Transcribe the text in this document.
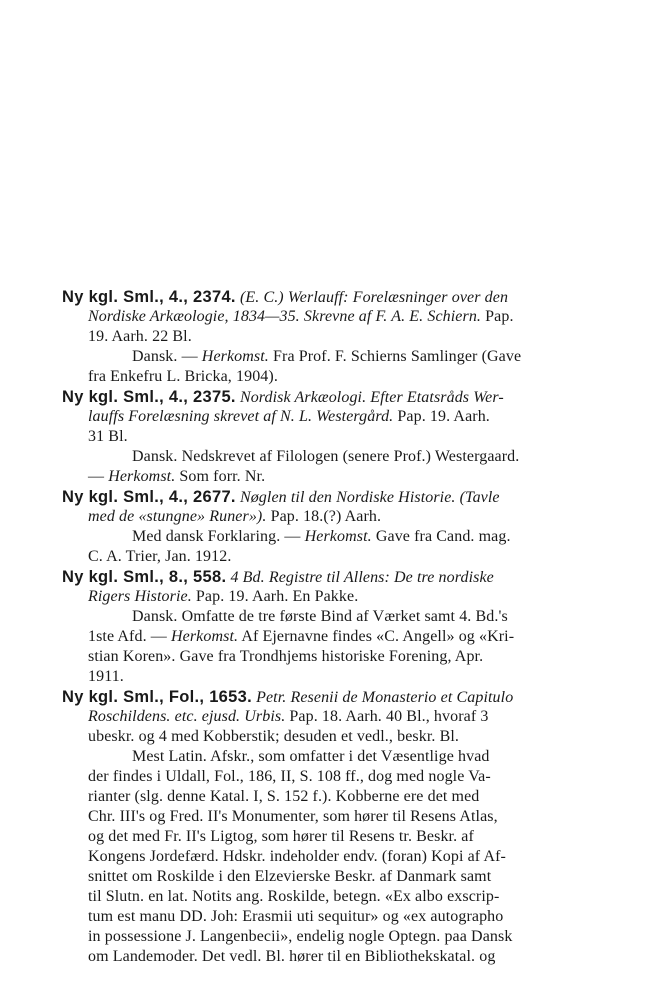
Ny kgl. Sml., 4., 2374. (E. C.) Werlauff: Forelæsninger over den
Nordiske Arkæologie, 1834—35. Skrevne af F. A. E. Schiern. Pap.
19. Aarh. 22 Bl.
Dansk. — Herkomst. Fra Prof. F. Schierns Samlinger (Gave
fra Enkefru L. Bricka, 1904).
Ny kgl. Sml., 4., 2375. Nordisk Arkæologi. Efter Etatsråds Wer-
lauffs Forelæsning skrevet af N. L. Westergård. Pap. 19. Aarh.
31 Bl.
Dansk. Nedskrevet af Filologen (senere Prof.) Westergaard.
— Herkomst. Som forr. Nr.
Ny kgl. Sml., 4., 2677. Nøglen til den Nordiske Historie. (Tavle
med de «stungne» Runer»). Pap. 18.(?) Aarh.
Med dansk Forklaring. — Herkomst. Gave fra Cand. mag.
C. A. Trier, Jan. 1912.
Ny kgl. Sml., 8., 558. 4 Bd. Registre til Allens: De tre nordiske
Rigers Historie. Pap. 19. Aarh. En Pakke.
Dansk. Omfatte de tre første Bind af Værket samt 4. Bd.'s
1ste Afd. — Herkomst. Af Ejernavne findes «C. Angell» og «Kri-
stian Koren». Gave fra Trondhjems historiske Forening, Apr.
1911.
Ny kgl. Sml., Fol., 1653. Petr. Resenii de Monasterio et Capitulo
Roschildens. etc. ejusd. Urbis. Pap. 18. Aarh. 40 Bl., hvoraf 3
ubeskr. og 4 med Kobberstik; desuden et vedl., beskr. Bl.
Mest Latin. Afskr., som omfatter i det Væsentlige hvad
der findes i Uldall, Fol., 186, II, S. 108 ff., dog med nogle Va-
rianter (slg. denne Katal. I, S. 152 f.). Kobberne ere det med
Chr. III's og Fred. II's Monumenter, som hører til Resens Atlas,
og det med Fr. II's Ligtog, som hører til Resens tr. Beskr. af
Kongens Jordefærd. Hdskr. indeholder endv. (foran) Kopi af Af-
snittet om Roskilde i den Elzevierske Beskr. af Danmark samt
til Slutn. en lat. Notits ang. Roskilde, betegn. «Ex albo exscrip-
tum est manu DD. Joh: Erasmii uti sequitur» og «ex autographo
in possessione J. Langenbecii», endelig nogle Optegn. paa Dansk
om Landemoder. Det vedl. Bl. hører til en Bibliothekskatal. og
